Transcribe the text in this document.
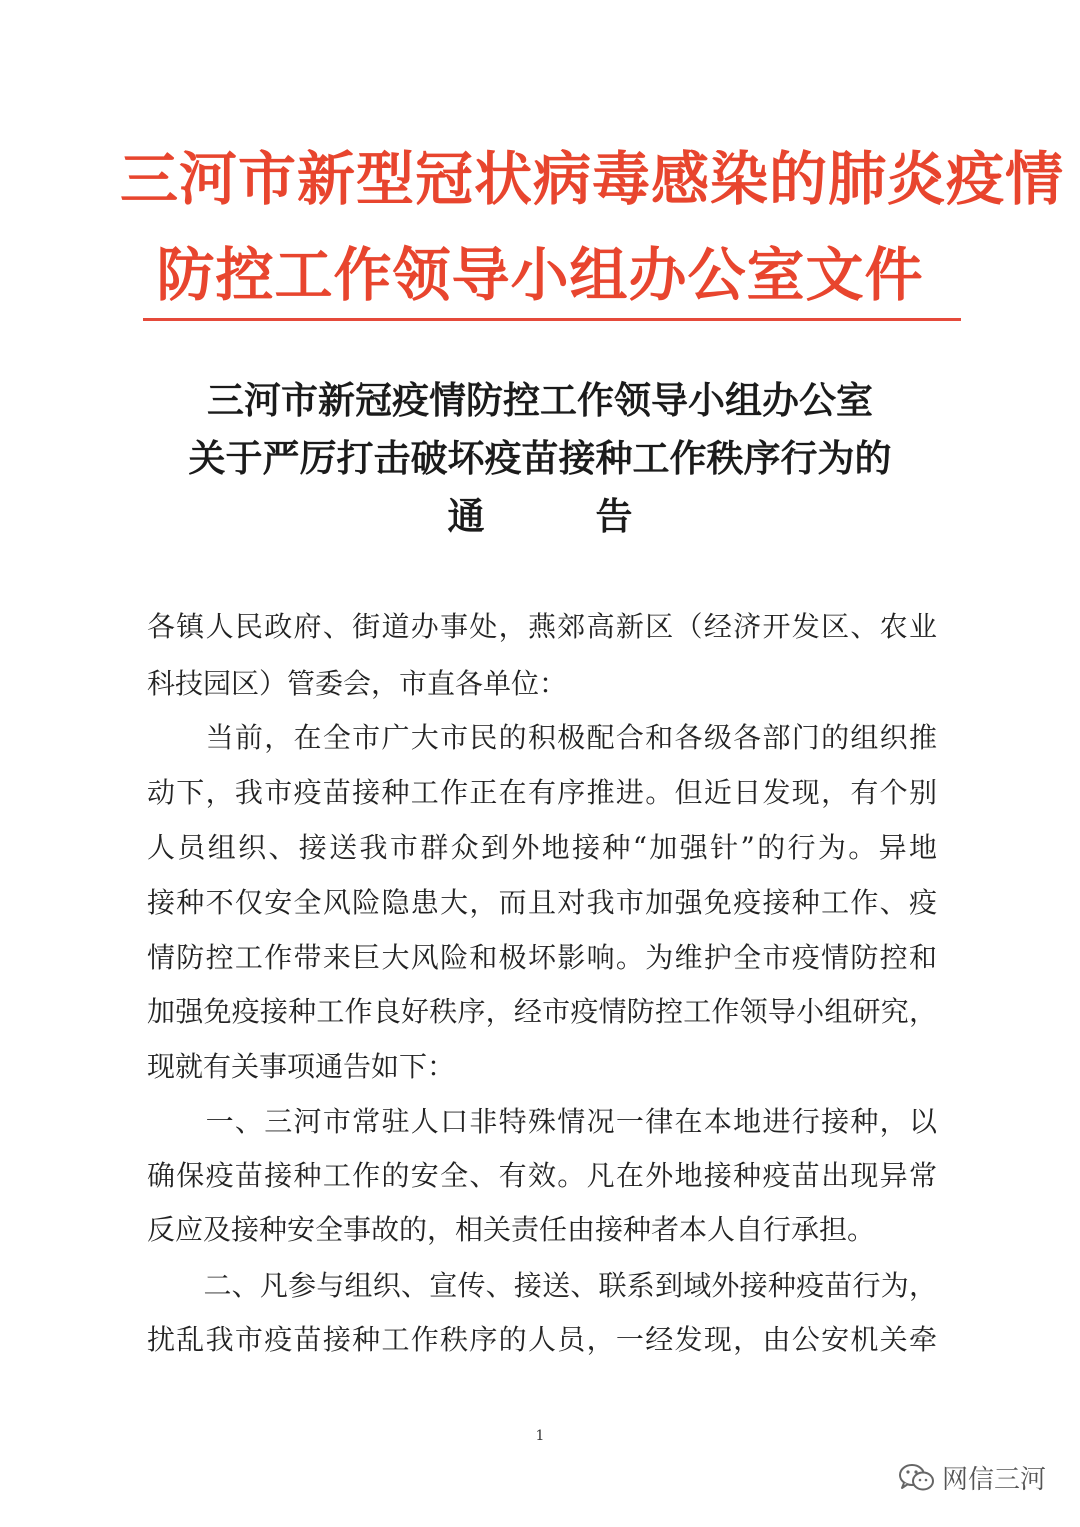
三河市新型冠状病毒感染的肺炎疫情
防控工作领导小组办公室文件
三河市新冠疫情防控工作领导小组办公室
关于严厉打击破坏疫苗接种工作秩序行为的
通　　　告
各镇人民政府、街道办事处，燕郊高新区（经济开发区、农业
科技园区）管委会，市直各单位：
　　当前，在全市广大市民的积极配合和各级各部门的组织推
动下，我市疫苗接种工作正在有序推进。但近日发现，有个别
人员组织、接送我市群众到外地接种“加强针”的行为。异地
接种不仅安全风险隐患大，而且对我市加强免疫接种工作、疫
情防控工作带来巨大风险和极坏影响。为维护全市疫情防控和
加强免疫接种工作良好秩序，经市疫情防控工作领导小组研究，
现就有关事项通告如下：
　　一、三河市常驻人口非特殊情况一律在本地进行接种，以
确保疫苗接种工作的安全、有效。凡在外地接种疫苗出现异常
反应及接种安全事故的，相关责任由接种者本人自行承担。
　　二、凡参与组织、宣传、接送、联系到域外接种疫苗行为，
扰乱我市疫苗接种工作秩序的人员，一经发现，由公安机关牵
1
网信三河
